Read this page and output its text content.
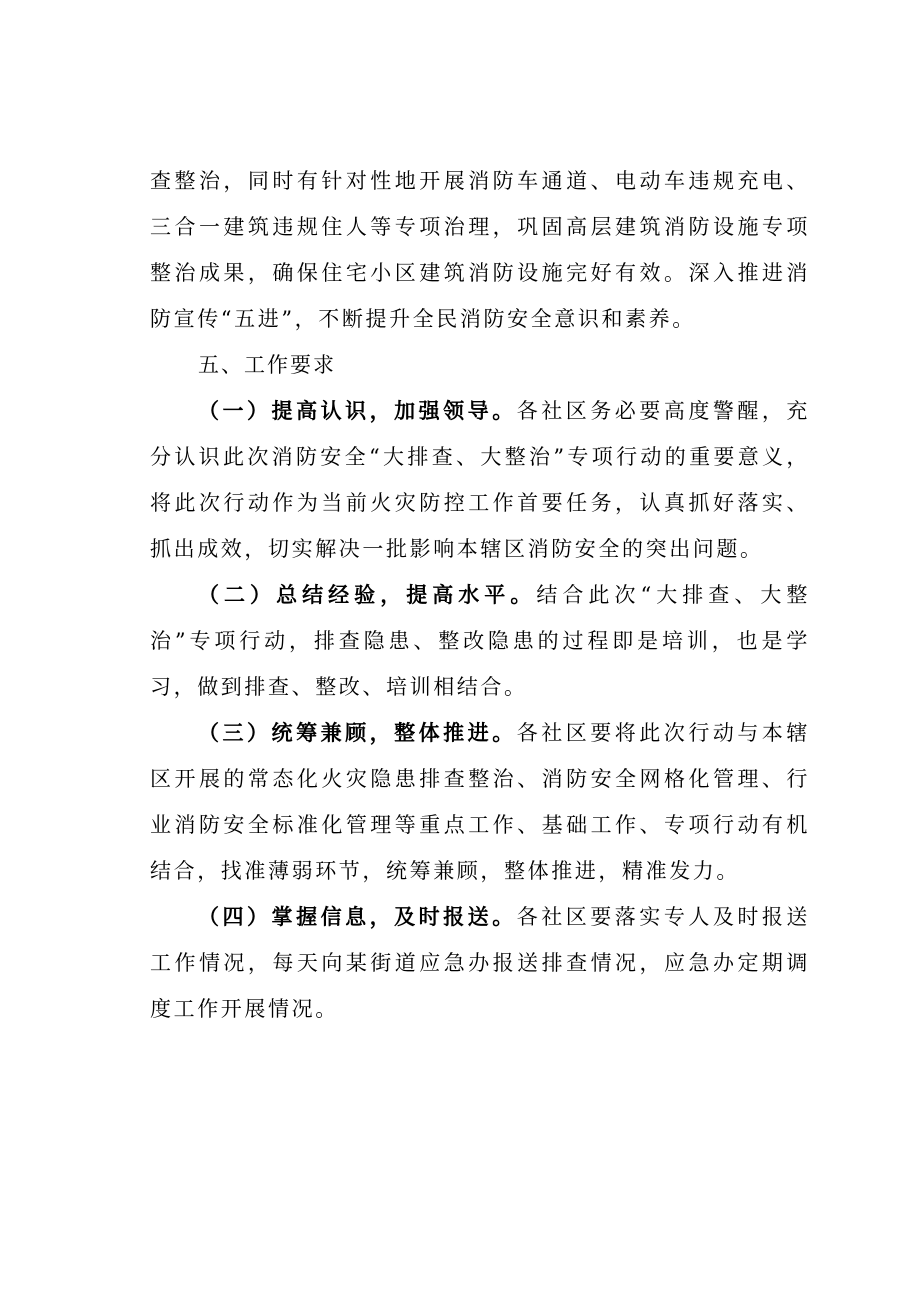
查整治，同时有针对性地开展消防车通道、电动车违规充电、三合一建筑违规住人等专项治理，巩固高层建筑消防设施专项整治成果，确保住宅小区建筑消防设施完好有效。深入推进消防宣传“五进”，不断提升全民消防安全意识和素养。

五、工作要求

（一）提高认识，加强领导。各社区务必要高度警醒，充分认识此次消防安全“大排查、大整治”专项行动的重要意义，将此次行动作为当前火灾防控工作首要任务，认真抓好落实、抓出成效，切实解决一批影响本辖区消防安全的突出问题。

（二）总结经验，提高水平。结合此次“大排查、大整治”专项行动，排查隐患、整改隐患的过程即是培训，也是学习，做到排查、整改、培训相结合。

（三）统筹兼顾，整体推进。各社区要将此次行动与本辖区开展的常态化火灾隐患排查整治、消防安全网格化管理、行业消防安全标准化管理等重点工作、基础工作、专项行动有机结合，找准薄弱环节，统筹兼顾，整体推进，精准发力。

（四）掌握信息，及时报送。各社区要落实专人及时报送工作情况，每天向某街道应急办报送排查情况，应急办定期调度工作开展情况。
